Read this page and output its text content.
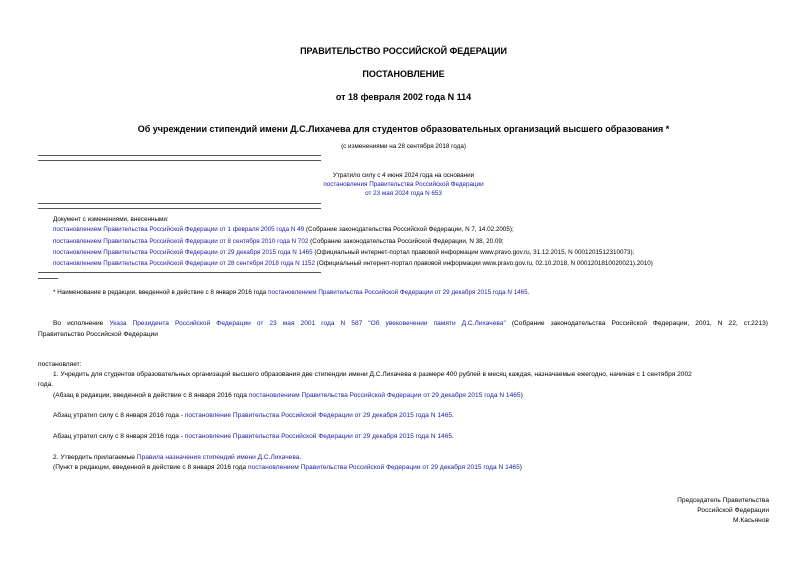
ПРАВИТЕЛЬСТВО РОССИЙСКОЙ ФЕДЕРАЦИИ
ПОСТАНОВЛЕНИЕ
от 18 февраля 2002 года N 114
Об учреждении стипендий имени Д.С.Лихачева для студентов образовательных организаций высшего образования *
(с изменениями на 28 сентября 2018 года)
Утратило силу с 4 июня 2024 года на основании
постановления Правительства Российской Федерации
от 23 мая 2024 года N 653
Документ с изменениями, внесенными:
постановлением Правительства Российской Федерации от 1 февраля 2005 года N 49 (Собрание законодательства Российской Федерации, N 7, 14.02.2005);
постановлением Правительства Российской Федерации от 8 сентября 2010 года N 702 (Собрание законодательства Российской Федерации, N 38, 20.09;
постановлением Правительства Российской Федерации от 29 декабря 2015 года N 1465 (Официальный интернет-портал правовой информации www.pravo.gov.ru, 31.12.2015, N 0001201512310073);
постановлением Правительства Российской Федерации от 28 сентября 2018 года N 1152 (Официальный интернет-портал правовой информации www.pravo.gov.ru, 02.10.2018, N 0001201810020021).2010)
* Наименование в редакции, введенной в действие с 8 января 2016 года постановлением Правительства Российской Федерации от 29 декабря 2015 года N 1465.
Во исполнение Указа Президента Российской Федерации от 23 мая 2001 года N 587 "Об увековечении памяти Д.С.Лихачева" (Собрание законодательства Российской Федерации, 2001, N 22, ст.2213)
Правительство Российской Федерации
постановляет:
1. Учредить для студентов образовательных организаций высшего образования две стипендии имени Д.С.Лихачева в размере 400 рублей в месяц каждая, назначаемые ежегодно, начиная с 1 сентября 2002
года.
(Абзац в редакции, введенной в действие с 8 января 2016 года постановлением Правительства Российской Федерации от 29 декабря 2015 года N 1465)
Абзац утратил силу с 8 января 2016 года - постановление Правительства Российской Федерации от 29 декабря 2015 года N 1465.
Абзац утратил силу с 8 января 2016 года - постановление Правительства Российской Федерации от 29 декабря 2015 года N 1465.
2. Утвердить прилагаемые Правила назначения стипендий имени Д.С.Лихачева.
(Пункт в редакции, введенной в действие с 8 января 2016 года постановлением Правительства Российской Федерации от 29 декабря 2015 года N 1465)
Председатель Правительства
Российской Федерации
М.Касьянов
